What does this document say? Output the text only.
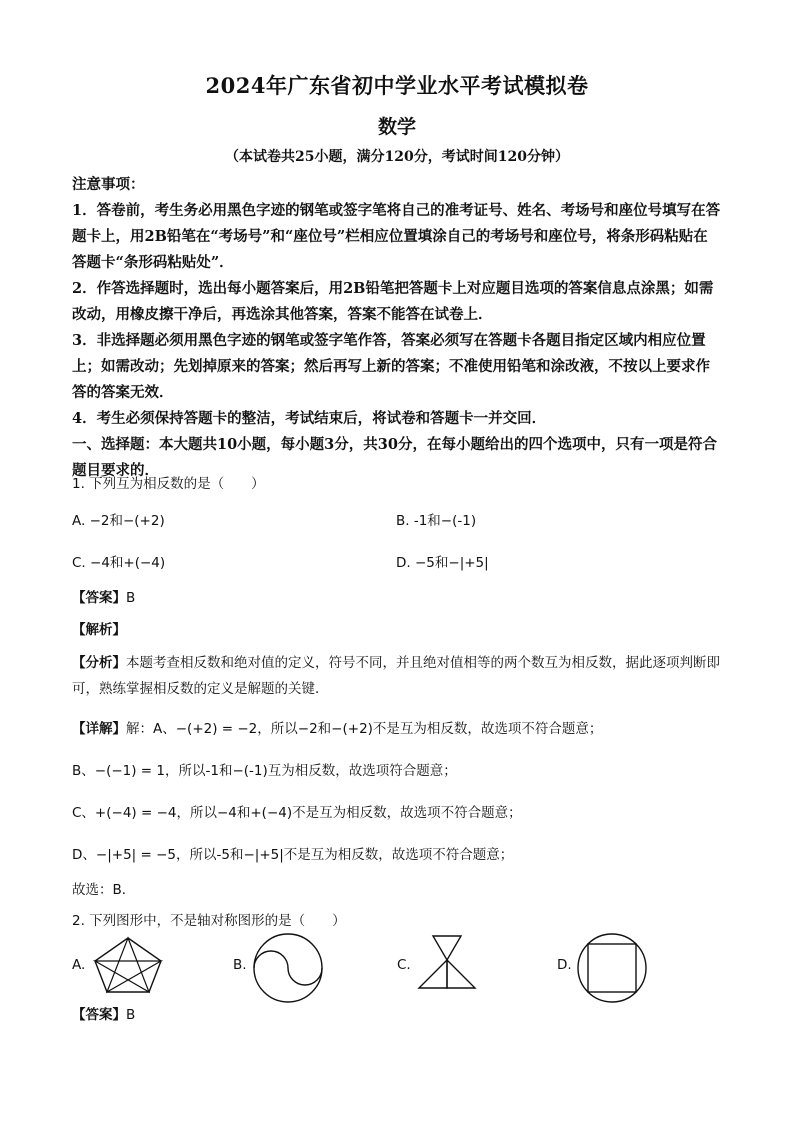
2024年广东省初中学业水平考试模拟卷
数学
（本试卷共25小题，满分120分，考试时间120分钟）
注意事项：
1．答卷前，考生务必用黑色字迹的钢笔或签字笔将自己的准考证号、姓名、考场号和座位号填写在答题卡上，用2B铅笔在“考场号”和“座位号”栏相应位置填涂自己的考场号和座位号，将条形码粘贴在答题卡“条形码粘贴处”．
2．作答选择题时，选出每小题答案后，用2B铅笔把答题卡上对应题目选项的答案信息点涂黑；如需改动，用橡皮擦干净后，再选涂其他答案，答案不能答在试卷上．
3．非选择题必须用黑色字迹的钢笔或签字笔作答，答案必须写在答题卡各题目指定区域内相应位置上；如需改动；先划掉原来的答案；然后再写上新的答案；不准使用铅笔和涂改液，不按以上要求作答的答案无效．
4．考生必须保持答题卡的整洁，考试结束后，将试卷和答题卡一并交回．
一、选择题：本大题共10小题，每小题3分，共30分，在每小题给出的四个选项中，只有一项是符合题目要求的．
1. 下列互为相反数的是（　　）
A. −2和−(+2)	B. -1和−(-1)
C. −4和+(−4)	D. −5和−|+5|
【答案】B
【解析】
【分析】本题考查相反数和绝对值的定义，符号不同，并且绝对值相等的两个数互为相反数，据此逐项判断即可，熟练掌握相反数的定义是解题的关键．
【详解】解：A、−(+2) = −2，所以−2和−(+2)不是互为相反数，故选项不符合题意；
B、−(−1) = 1，所以-1和−(-1)互为相反数，故选项符合题意；
C、+(−4) = −4，所以−4和+(−4)不是互为相反数，故选项不符合题意；
D、−|+5| = −5，所以-5和−|+5|不是互为相反数，故选项不符合题意；
故选：B．
2. 下列图形中，不是轴对称图形的是（　　）
A.	B.	C.	D.
【答案】B
